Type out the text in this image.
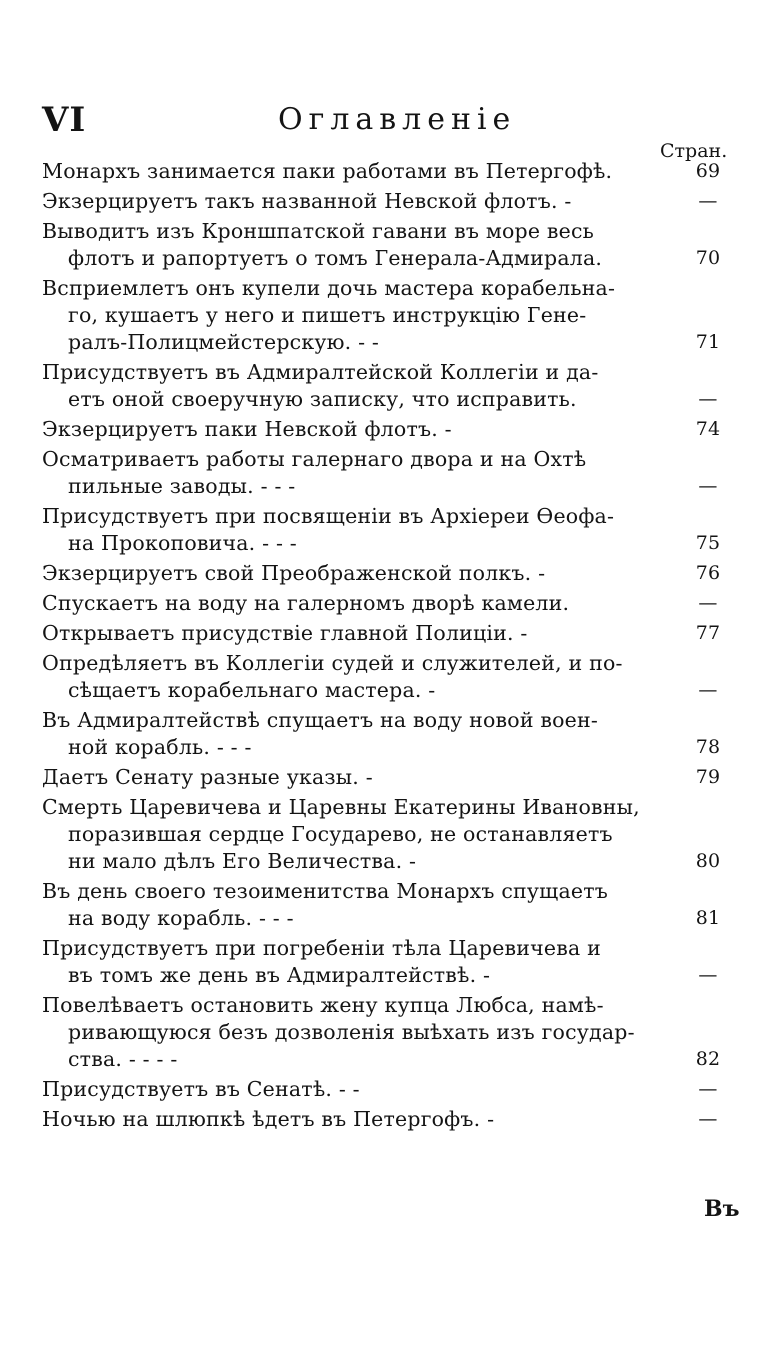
VI	Оглавленіе
Стран.
Монархъ занимается паки работами въ Петергофѣ.	69
Экзерцируетъ такъ названной Невской флотъ. -	—
Выводитъ изъ Кроншпатской гавани въ море весь
флотъ и рапортуетъ о томъ Генерала-Адмирала.	70
Всприемлетъ онъ купели дочь мастера корабельна-
го, кушаетъ у него и пишетъ инструкцію Гене-
ралъ-Полицмейстерскую. - -	71
Присудствуетъ въ Адмиралтейской Коллегіи и да-
етъ оной своеручную записку, что исправить.	—
Экзерцируетъ паки Невской флотъ. -	74
Осматриваетъ работы галернаго двора и на Охтѣ
пильные заводы. - - -	—
Присудствуетъ при посвященіи въ Архіереи Ѳеофа-
на Прокоповича. - - -	75
Экзерцируетъ свой Преображенской полкъ. -	76
Спускаетъ на воду на галерномъ дворѣ камели.	—
Открываетъ присудствіе главной Полиціи. -	77
Опредѣляетъ въ Коллегіи судей и служителей, и по-
сѣщаетъ корабельнаго мастера. -	—
Въ Адмиралтействѣ спущаетъ на воду новой воен-
ной корабль. - - -	78
Даетъ Сенату разные указы. -	79
Смерть Царевичева и Царевны Екатерины Ивановны,
поразившая сердце Государево, не останавляетъ
ни мало дѣлъ Его Величества. -	80
Въ день своего тезоименитства Монархъ спущаетъ
на воду корабль. - - -	81
Присудствуетъ при погребеніи тѣла Царевичева и
въ томъ же день въ Адмиралтействѣ. -	—
Повелѣваетъ остановить жену купца Любса, намѣ-
ривающуюся безъ дозволенія выѣхать изъ государ-
ства. - - - -	82
Присудствуетъ въ Сенатѣ. - -	—
Ночью на шлюпкѣ ѣдетъ въ Петергофъ. -	—
Въ
